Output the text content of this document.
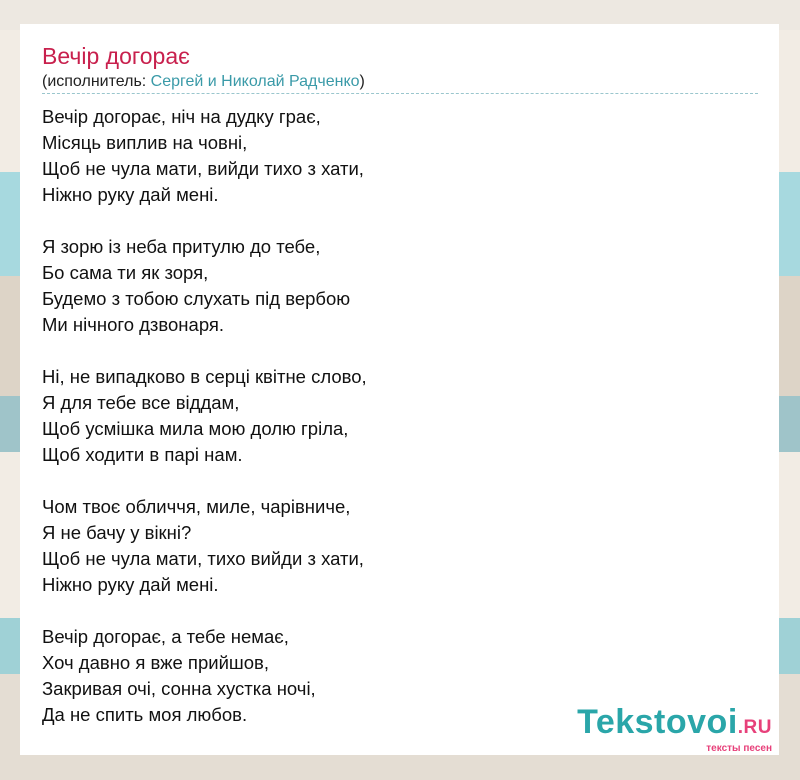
Вечір догорає
(исполнитель: Сергей и Николай Радченко)
Вечір догорає, ніч на дудку грає,
Місяць виплив на човні,
Щоб не чула мати, вийди тихо з хати,
Ніжно руку дай мені.
Я зорю із неба притулю до тебе,
Бо сама ти як зоря,
Будемо з тобою слухать під вербою
Ми нічного дзвонаря.
Ні, не випадково в серці квітне слово,
Я для тебе все віддам,
Щоб усмішка мила мою долю гріла,
Щоб ходити в парі нам.
Чом твоє обличчя, миле, чарівниче,
Я не бачу у вікні?
Щоб не чула мати, тихо вийди з хати,
Ніжно руку дай мені.
Вечір догорає, а тебе немає,
Хоч давно я вже прийшов,
Закривая очі, сонна хустка ночі,
Да не спить моя любов.	Tekstovoi.RU
тексты песен
